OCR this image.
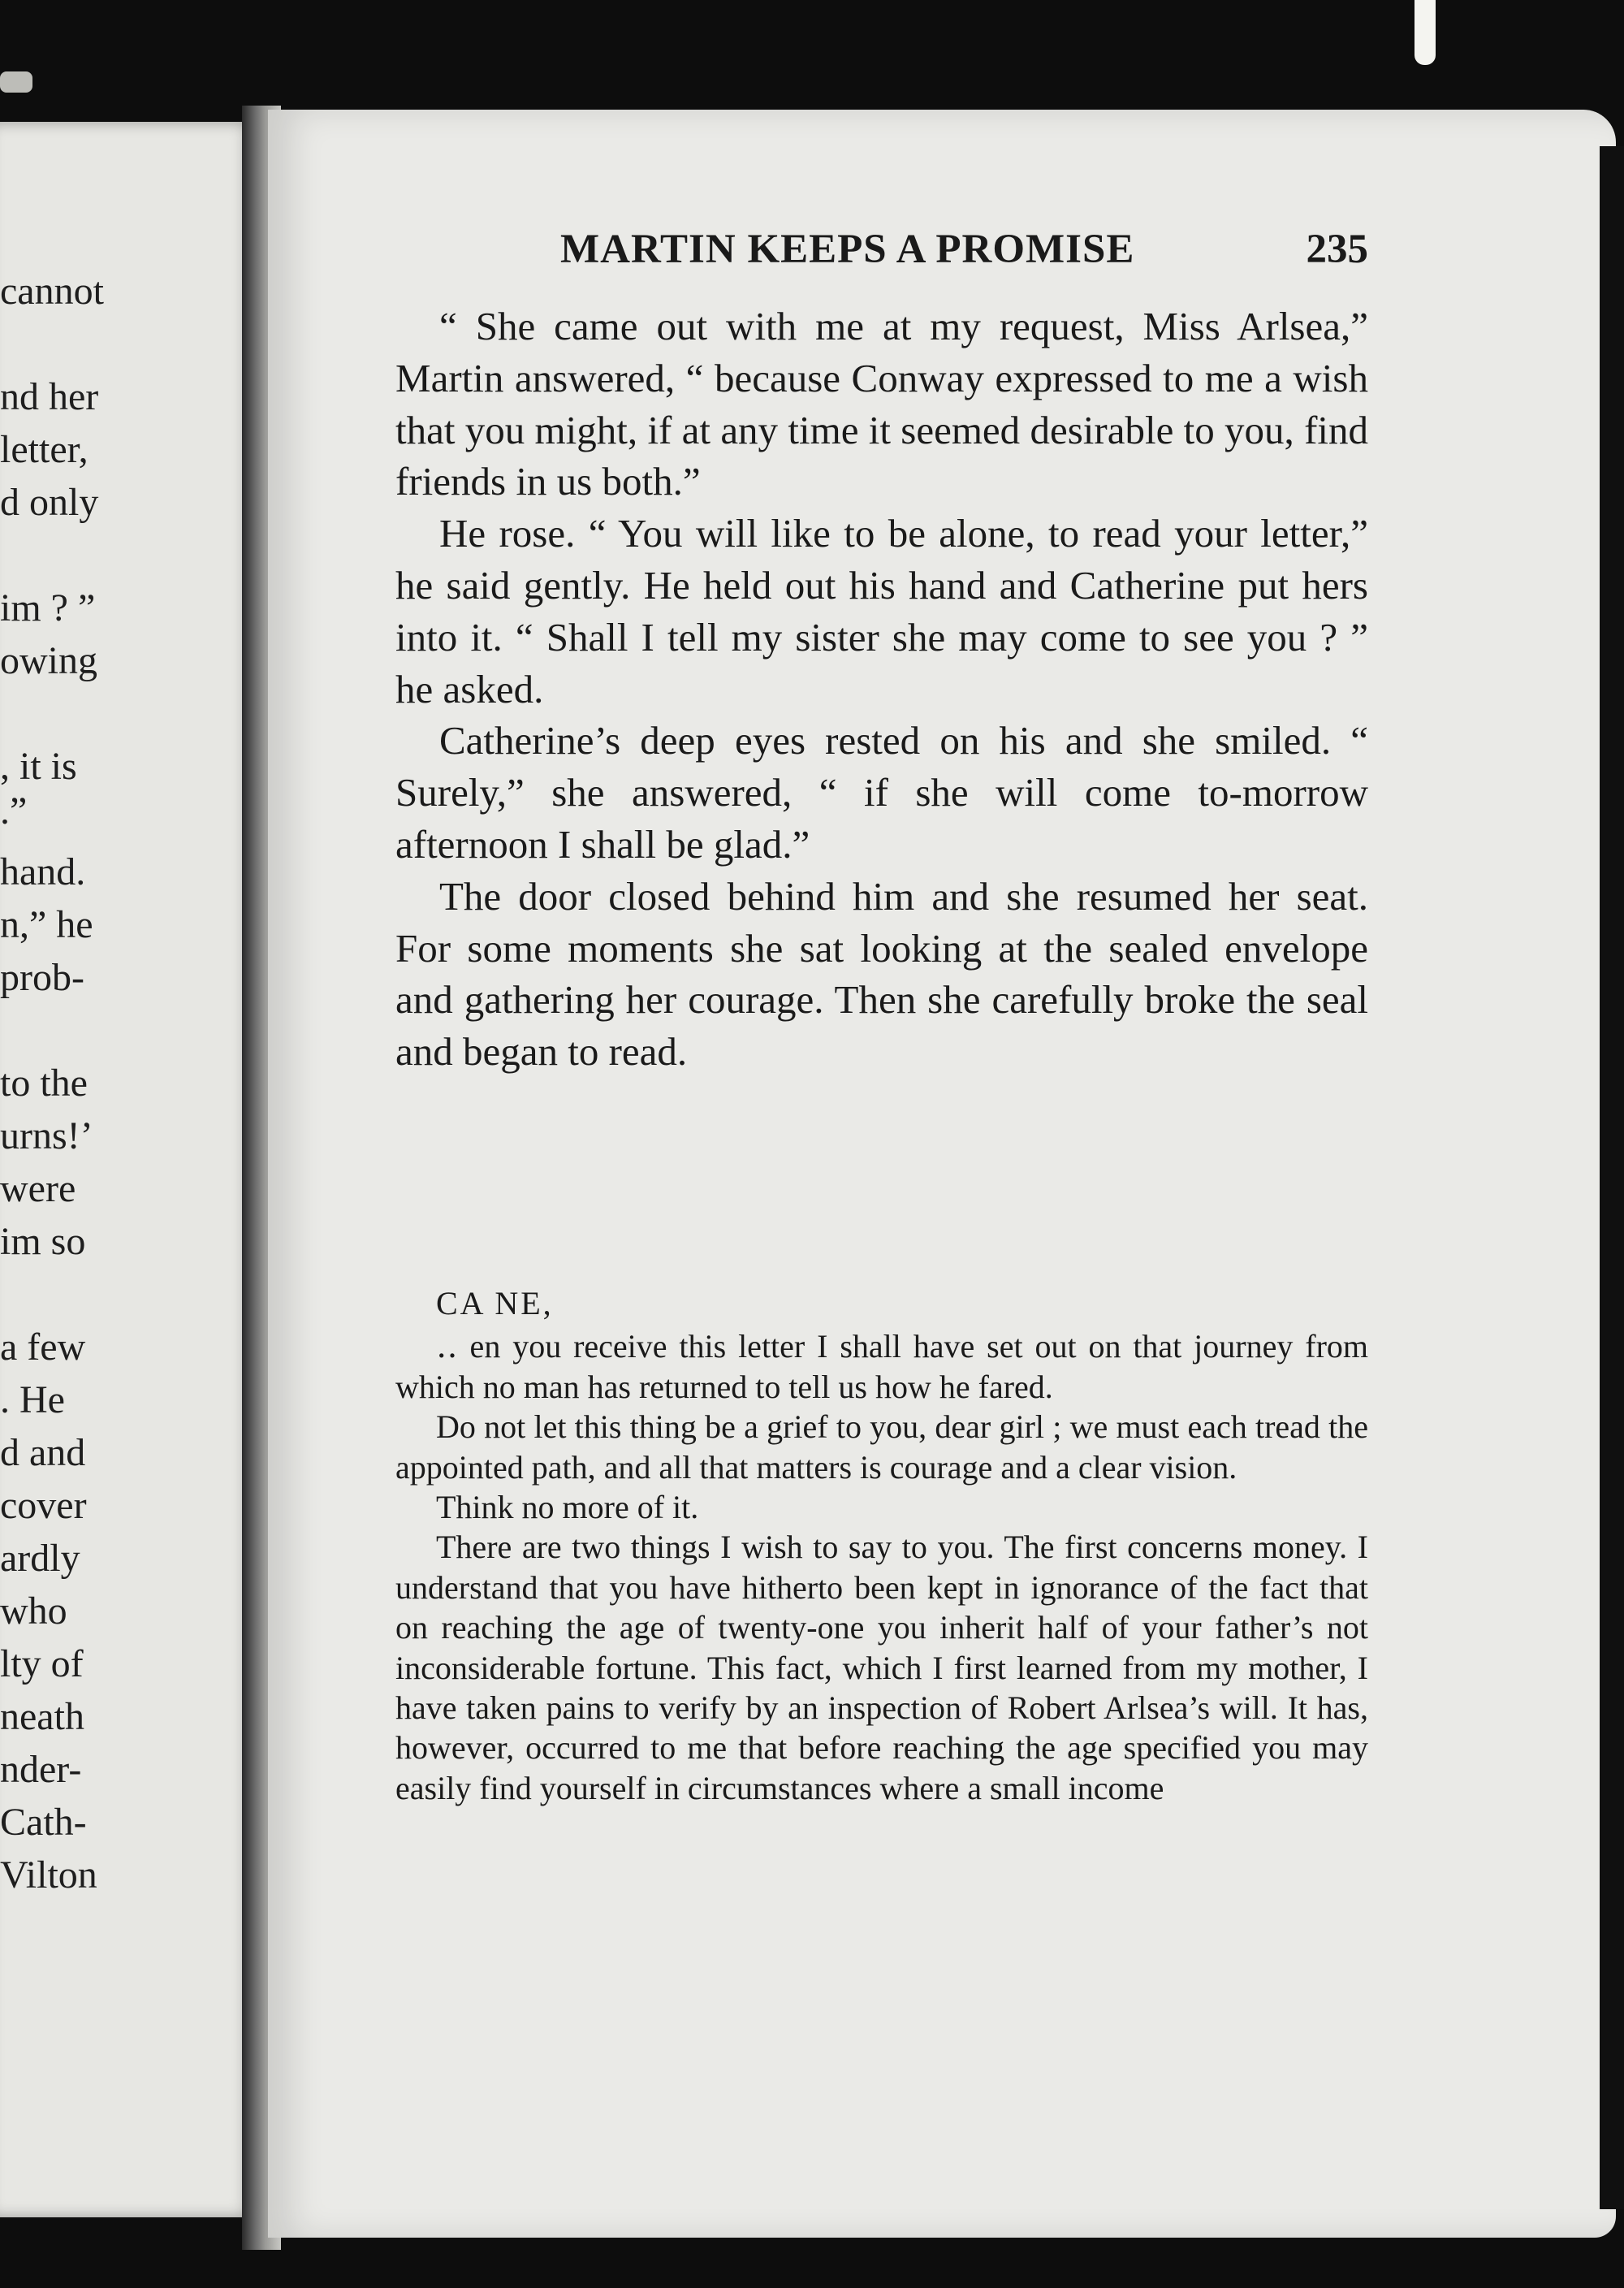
cannot
nd her
letter,
d only
im ? ”
owing
, it is
.”
hand.
n,” he
prob-
to the
urns!’
were
im so
a few
. He
d and
cover
ardly
who
lty of
neath
nder-
Cath-
Vilton
MARTIN KEEPS A PROMISE	235

“ She came out with me at my request, Miss Arlsea,” Martin answered, “ because Conway expressed to me a wish that you might, if at any time it seemed desirable to you, find friends in us both.”

He rose. “ You will like to be alone, to read your letter,” he said gently. He held out his hand and Catherine put hers into it. “ Shall I tell my sister she may come to see you ? ” he asked.

Catherine’s deep eyes rested on his and she smiled. “ Surely,” she answered, “ if she will come to-morrow afternoon I shall be glad.”

The door closed behind him and she resumed her seat. For some moments she sat looking at the sealed envelope and gathering her courage. Then she carefully broke the seal and began to read.

CA NE,

‥ en you receive this letter I shall have set out on that journey from which no man has returned to tell us how he fared.

Do not let this thing be a grief to you, dear girl ; we must each tread the appointed path, and all that matters is courage and a clear vision.

Think no more of it.

There are two things I wish to say to you. The first concerns money. I understand that you have hitherto been kept in ignorance of the fact that on reaching the age of twenty-one you inherit half of your father’s not inconsiderable fortune. This fact, which I first learned from my mother, I have taken pains to verify by an inspection of Robert Arlsea’s will. It has, however, occurred to me that before reaching the age specified you may easily find yourself in circumstances where a small income
